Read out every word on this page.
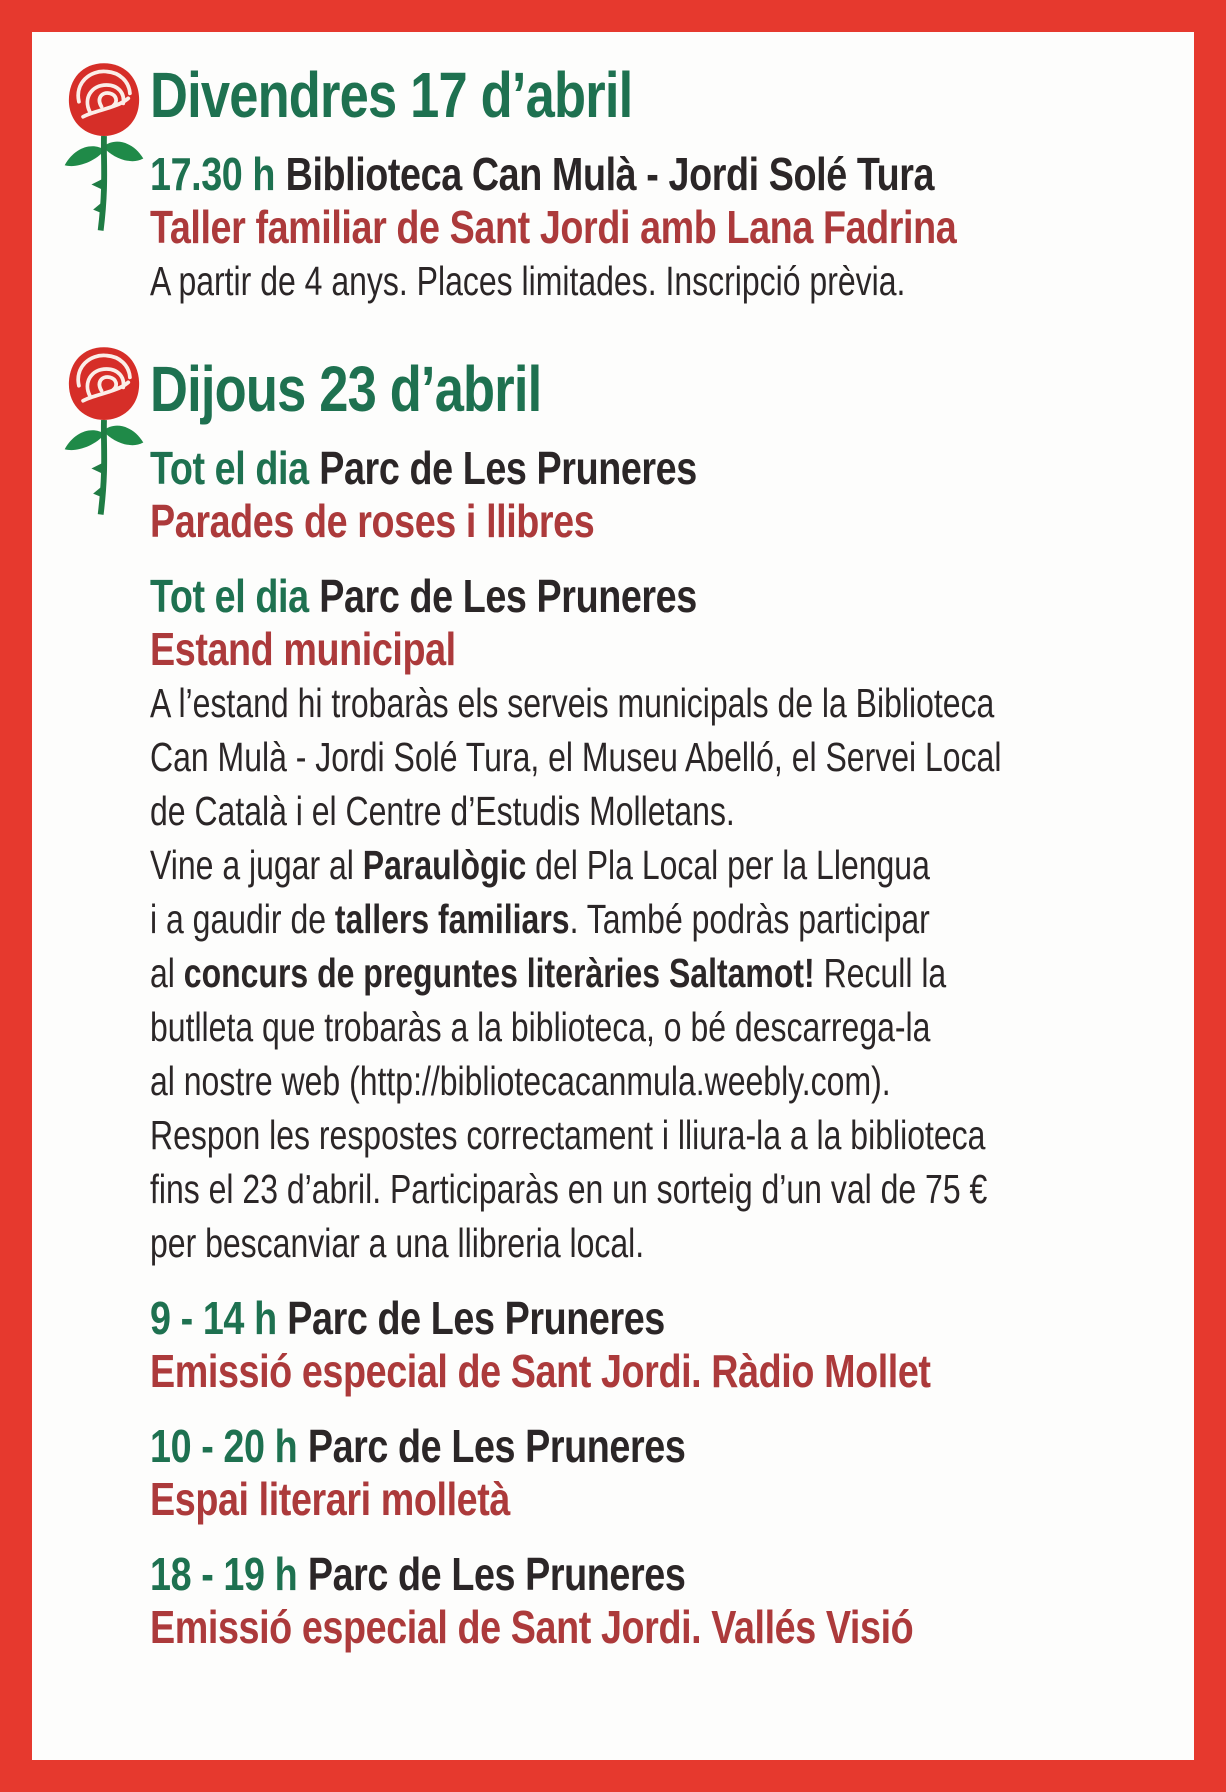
Divendres 17 d’abril
17.30 h Biblioteca Can Mulà - Jordi Solé Tura
Taller familiar de Sant Jordi amb Lana Fadrina
A partir de 4 anys. Places limitades. Inscripció prèvia.
Dijous 23 d’abril
Tot el dia Parc de Les Pruneres
Parades de roses i llibres
Tot el dia Parc de Les Pruneres
Estand municipal
A l’estand hi trobaràs els serveis municipals de la Biblioteca
Can Mulà - Jordi Solé Tura, el Museu Abelló, el Servei Local
de Català i el Centre d’Estudis Molletans.
Vine a jugar al Paraulògic del Pla Local per la Llengua
i a gaudir de tallers familiars. També podràs participar
al concurs de preguntes literàries Saltamot! Recull la
butlleta que trobaràs a la biblioteca, o bé descarrega-la
al nostre web (http://bibliotecacanmula.weebly.com).
Respon les respostes correctament i lliura-la a la biblioteca
fins el 23 d’abril. Participaràs en un sorteig d’un val de 75 €
per bescanviar a una llibreria local.
9 - 14 h Parc de Les Pruneres
Emissió especial de Sant Jordi. Ràdio Mollet
10 - 20 h Parc de Les Pruneres
Espai literari molletà
18 - 19 h Parc de Les Pruneres
Emissió especial de Sant Jordi. Vallés Visió
